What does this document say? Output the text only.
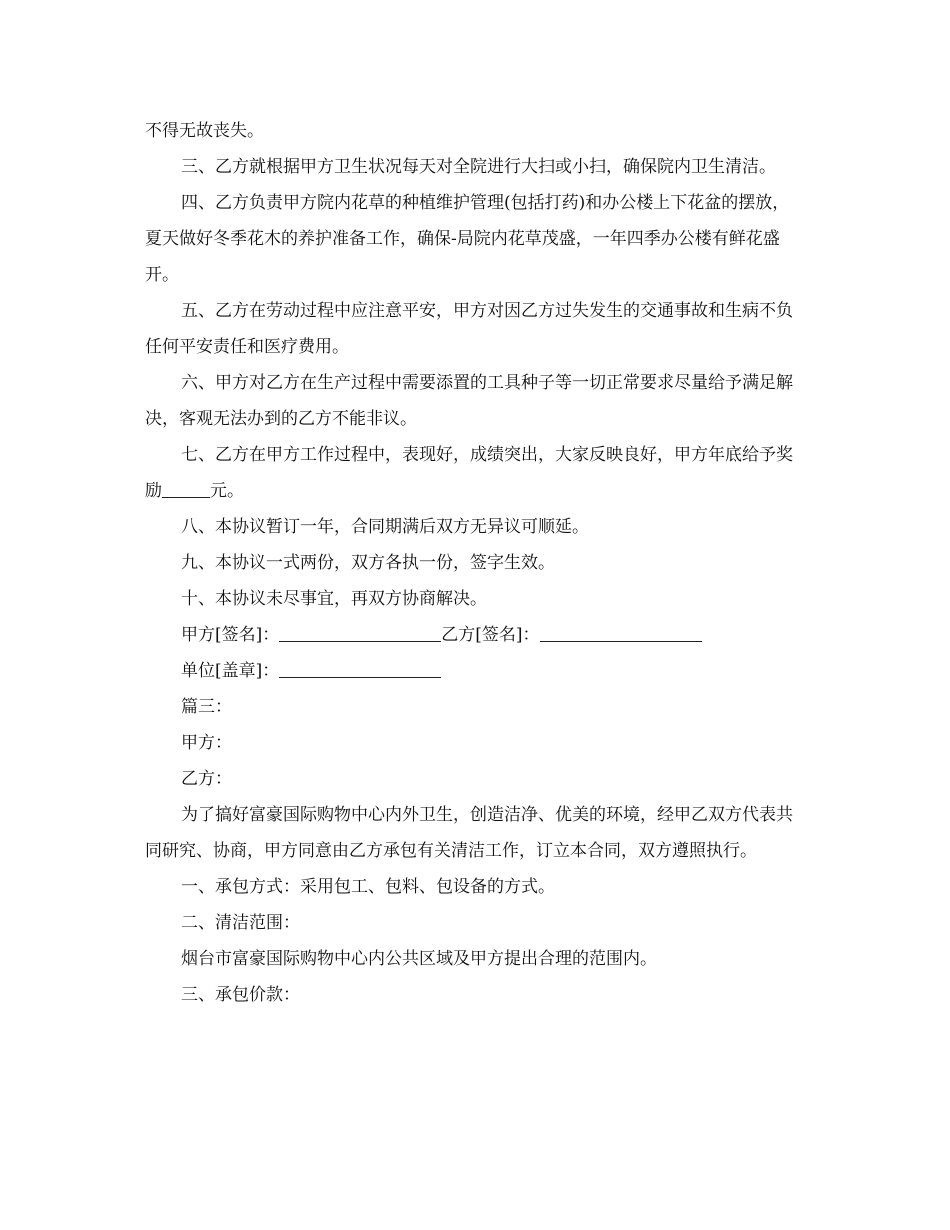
不得无故丧失。

三、乙方就根据甲方卫生状况每天对全院进行大扫或小扫，确保院内卫生清洁。

四、乙方负责甲方院内花草的种植维护管理(包括打药)和办公楼上下花盆的摆放，夏天做好冬季花木的养护准备工作，确保-局院内花草茂盛，一年四季办公楼有鲜花盛开。

五、乙方在劳动过程中应注意平安，甲方对因乙方过失发生的交通事故和生病不负任何平安责任和医疗费用。

六、甲方对乙方在生产过程中需要添置的工具种子等一切正常要求尽量给予满足解决，客观无法办到的乙方不能非议。

七、乙方在甲方工作过程中，表现好，成绩突出，大家反映良好，甲方年底给予奖励	元。

八、本协议暂订一年，合同期满后双方无异议可顺延。

九、本协议一式两份，双方各执一份，签字生效。

十、本协议未尽事宜，再双方协商解决。

甲方[签名]：	乙方[签名]：

单位[盖章]：

篇三：

甲方：

乙方：

为了搞好富豪国际购物中心内外卫生，创造洁净、优美的环境，经甲乙双方代表共同研究、协商，甲方同意由乙方承包有关清洁工作，订立本合同，双方遵照执行。

一、承包方式：采用包工、包料、包设备的方式。

二、清洁范围：

烟台市富豪国际购物中心内公共区域及甲方提出合理的范围内。

三、承包价款：
